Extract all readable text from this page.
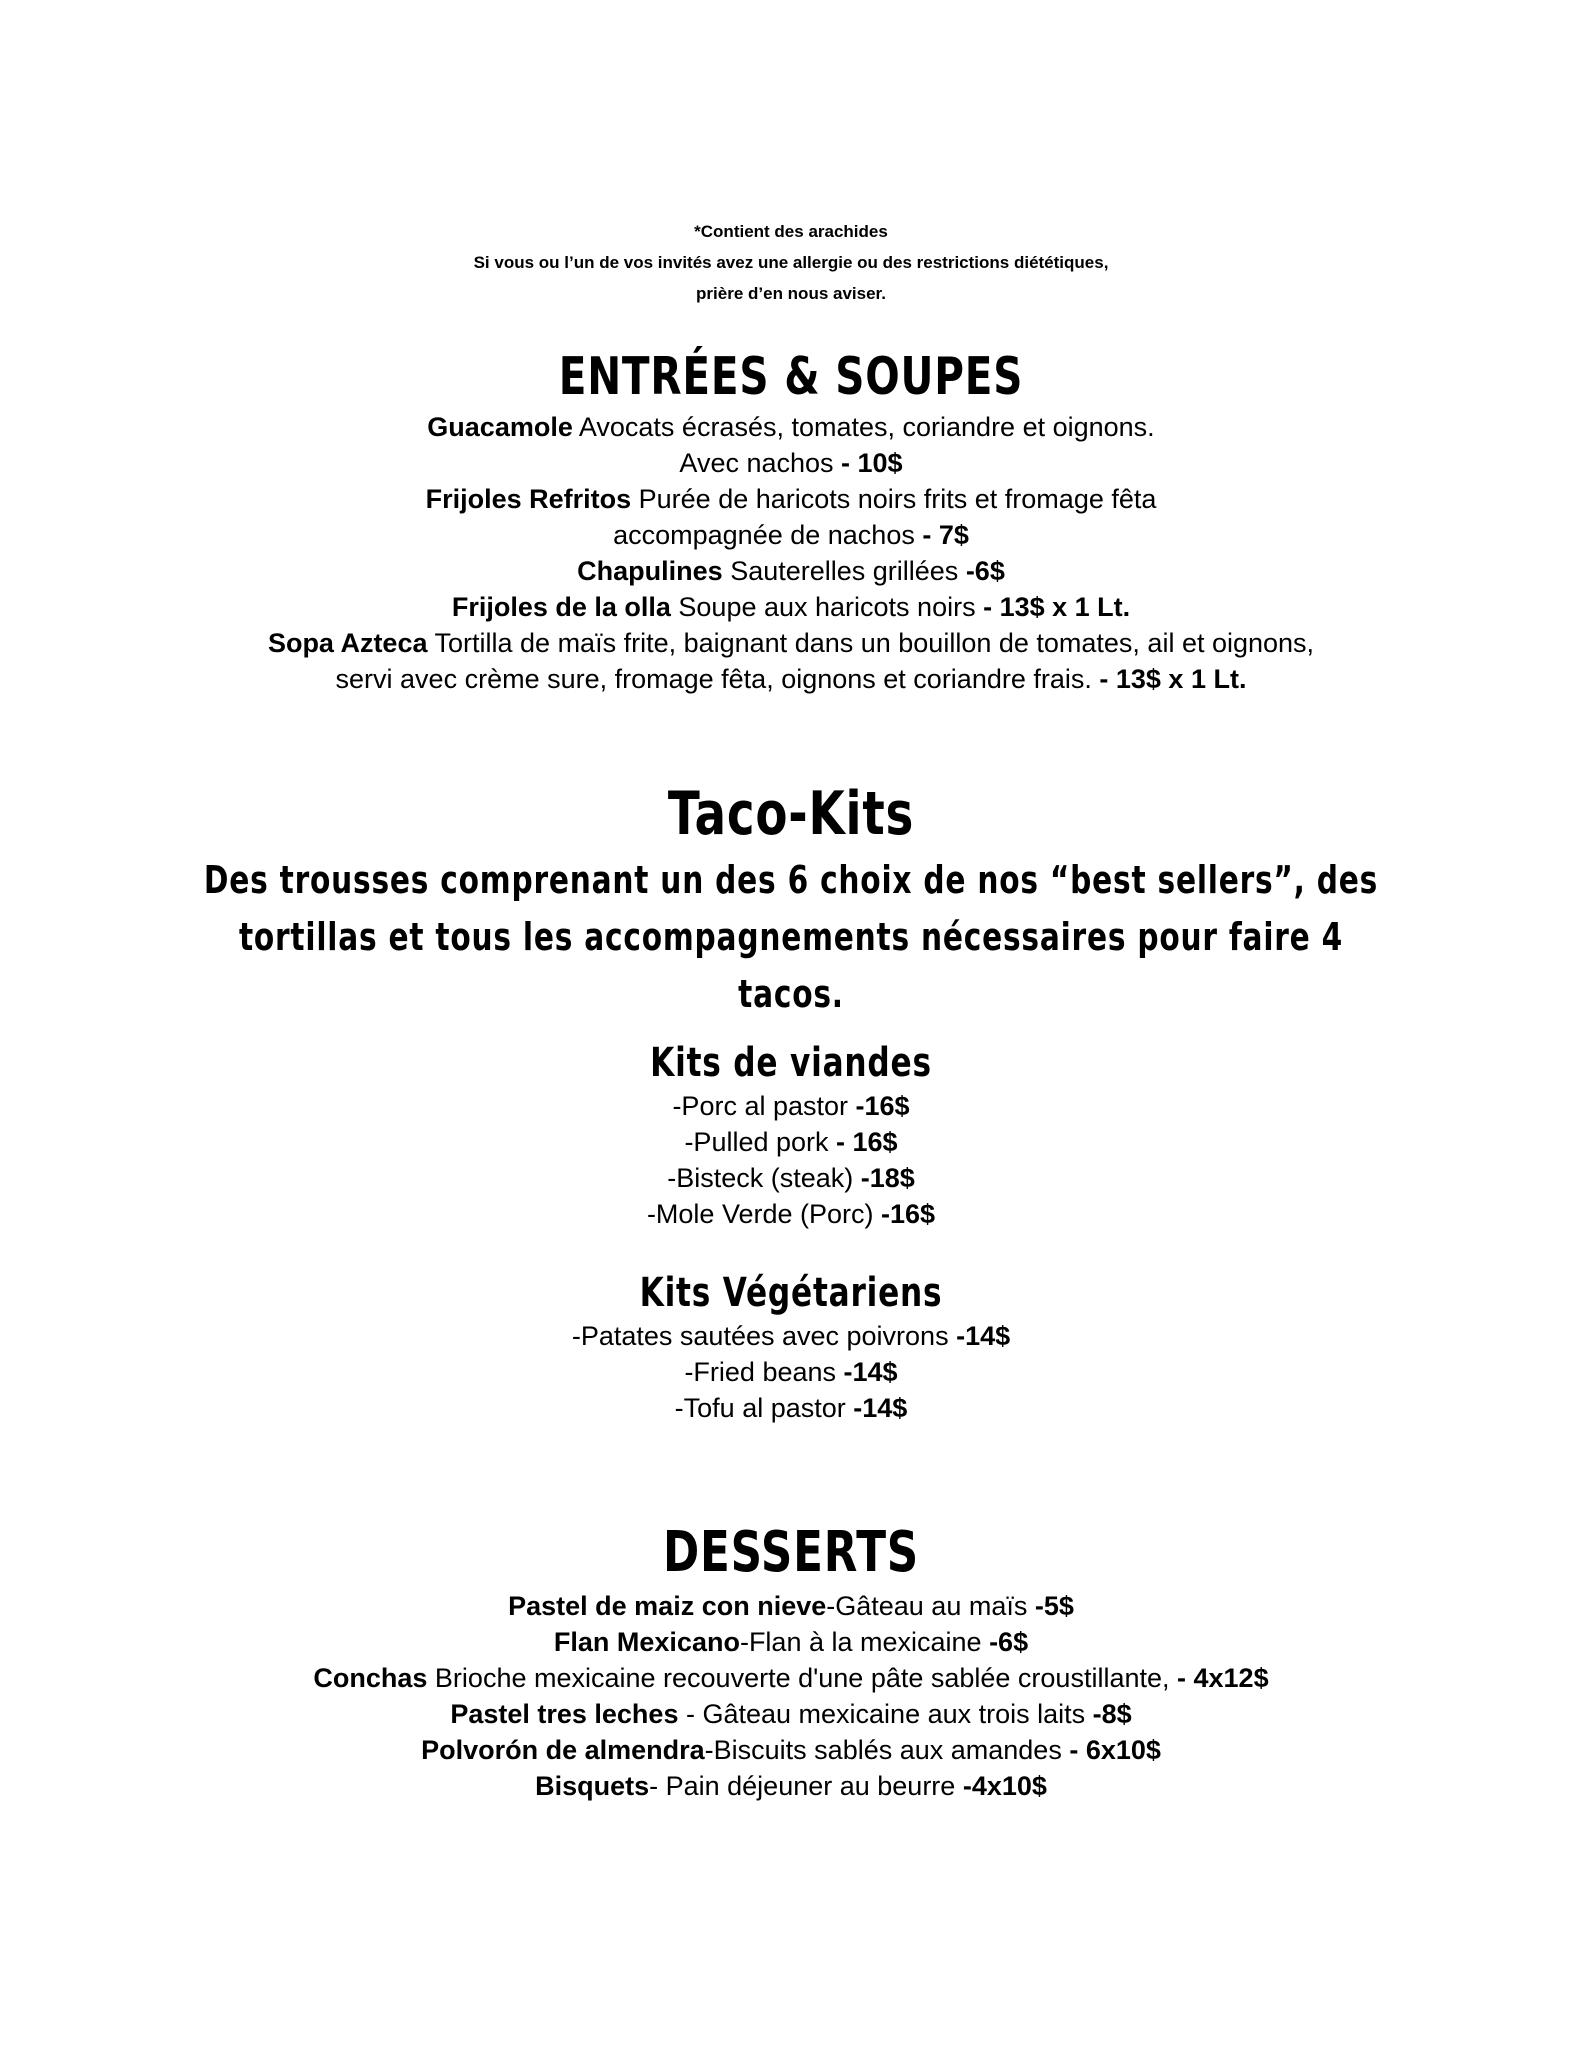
*Contient des arachides
Si vous ou l’un de vos invités avez une allergie ou des restrictions diététiques,
prière d’en nous aviser.
ENTRÉES & SOUPES
Guacamole Avocats écrasés, tomates, coriandre et oignons.
Avec nachos - 10$
Frijoles Refritos Purée de haricots noirs frits et fromage fêta
accompagnée de nachos - 7$
Chapulines Sauterelles grillées -6$
Frijoles de la olla Soupe aux haricots noirs - 13$ x 1 Lt.
Sopa Azteca Tortilla de maïs frite, baignant dans un bouillon de tomates, ail et oignons,
servi avec crème sure, fromage fêta, oignons et coriandre frais. - 13$ x 1 Lt.
Taco-Kits
Des trousses comprenant un des 6 choix de nos “best sellers”, des
tortillas et tous les accompagnements nécessaires pour faire 4
tacos.
Kits de viandes
-Porc al pastor -16$
-Pulled pork - 16$
-Bisteck (steak) -18$
-Mole Verde (Porc) -16$
Kits Végétariens
-Patates sautées avec poivrons -14$
-Fried beans -14$
-Tofu al pastor -14$
DESSERTS
Pastel de maiz con nieve-Gâteau au maïs -5$
Flan Mexicano-Flan à la mexicaine -6$
Conchas Brioche mexicaine recouverte d'une pâte sablée croustillante, - 4x12$
Pastel tres leches - Gâteau mexicaine aux trois laits -8$
Polvorón de almendra-Biscuits sablés aux amandes - 6x10$
Bisquets- Pain déjeuner au beurre -4x10$
